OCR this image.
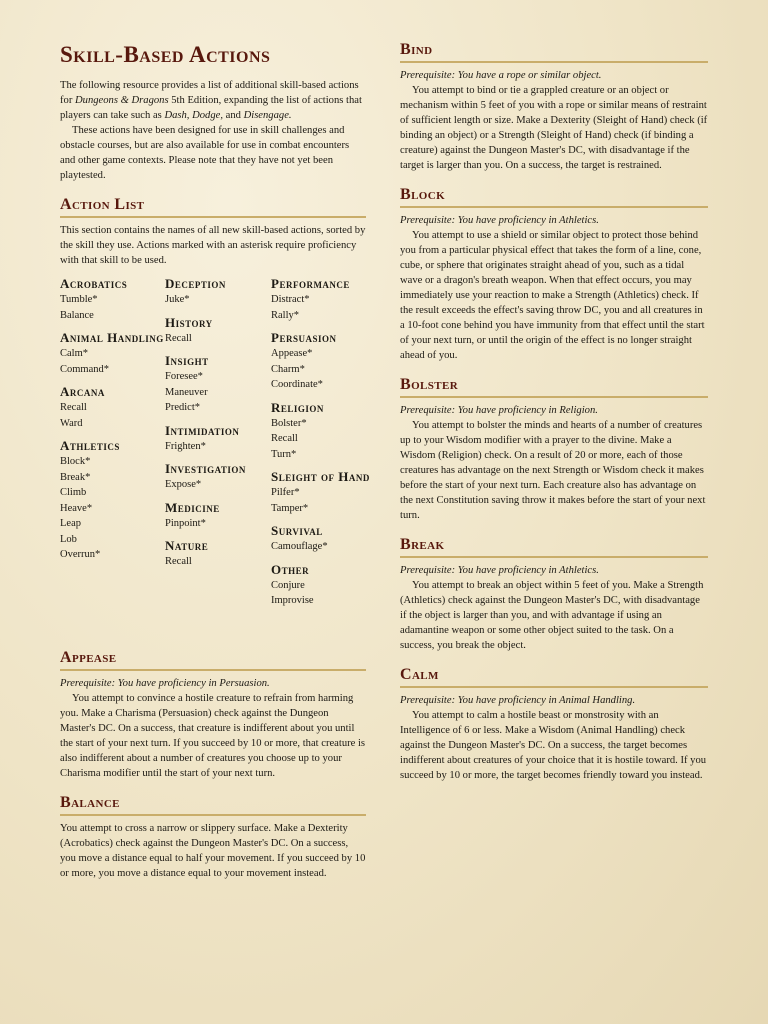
Skill-Based Actions

The following resource provides a list of additional skill-based actions for Dungeons & Dragons 5th Edition, expanding the list of actions that players can take such as Dash, Dodge, and Disengage.

These actions have been designed for use in skill challenges and obstacle courses, but are also available for use in combat encounters and other game contexts. Please note that they have not yet been playtested.

Action List

This section contains the names of all new skill-based actions, sorted by the skill they use. Actions marked with an asterisk require proficiency with that skill to be used.

Acrobatics
Tumble*
Balance
Animal Handling
Calm*
Command*
Arcana
Recall
Ward
Athletics
Block*
Break*
Climb
Heave*
Leap
Lob
Overrun*
Deception
Juke*
History
Recall
Insight
Foresee*
Maneuver
Predict*
Intimidation
Frighten*
Investigation
Expose*
Medicine
Pinpoint*
Nature
Recall
Performance
Distract*
Rally*
Persuasion
Appease*
Charm*
Coordinate*
Religion
Bolster*
Recall
Turn*
Sleight of Hand
Pilfer*
Tamper*
Survival
Camouflage*
Other
Conjure
Improvise
Appease

Prerequisite: You have proficiency in Persuasion.

You attempt to convince a hostile creature to refrain from harming you. Make a Charisma (Persuasion) check against the Dungeon Master's DC. On a success, that creature is indifferent about you until the start of your next turn. If you succeed by 10 or more, that creature is also indifferent about a number of creatures you choose up to your Charisma modifier until the start of your next turn.

Balance

You attempt to cross a narrow or slippery surface. Make a Dexterity (Acrobatics) check against the Dungeon Master's DC. On a success, you move a distance equal to half your movement. If you succeed by 10 or more, you move a distance equal to your movement instead.

Bind

Prerequisite: You have a rope or similar object.

You attempt to bind or tie a grappled creature or an object or mechanism within 5 feet of you with a rope or similar means of restraint of sufficient length or size. Make a Dexterity (Sleight of Hand) check (if binding an object) or a Strength (Sleight of Hand) check (if binding a creature) against the Dungeon Master's DC, with disadvantage if the target is larger than you. On a success, the target is restrained.

Block

Prerequisite: You have proficiency in Athletics.

You attempt to use a shield or similar object to protect those behind you from a particular physical effect that takes the form of a line, cone, cube, or sphere that originates straight ahead of you, such as a tidal wave or a dragon's breath weapon. When that effect occurs, you may immediately use your reaction to make a Strength (Athletics) check. If the result exceeds the effect's saving throw DC, you and all creatures in a 10-foot cone behind you have immunity from that effect until the start of your next turn, or until the origin of the effect is no longer straight ahead of you.

Bolster

Prerequisite: You have proficiency in Religion.

You attempt to bolster the minds and hearts of a number of creatures up to your Wisdom modifier with a prayer to the divine. Make a Wisdom (Religion) check. On a result of 20 or more, each of those creatures has advantage on the next Strength or Wisdom check it makes before the start of your next turn. Each creature also has advantage on the next Constitution saving throw it makes before the start of your next turn.

Break

Prerequisite: You have proficiency in Athletics.

You attempt to break an object within 5 feet of you. Make a Strength (Athletics) check against the Dungeon Master's DC, with disadvantage if the object is larger than you, and with advantage if using an adamantine weapon or some other object suited to the task. On a success, you break the object.

Calm

Prerequisite: You have proficiency in Animal Handling.

You attempt to calm a hostile beast or monstrosity with an Intelligence of 6 or less. Make a Wisdom (Animal Handling) check against the Dungeon Master's DC. On a success, the target becomes indifferent about creatures of your choice that it is hostile toward. If you succeed by 10 or more, the target becomes friendly toward you instead.
